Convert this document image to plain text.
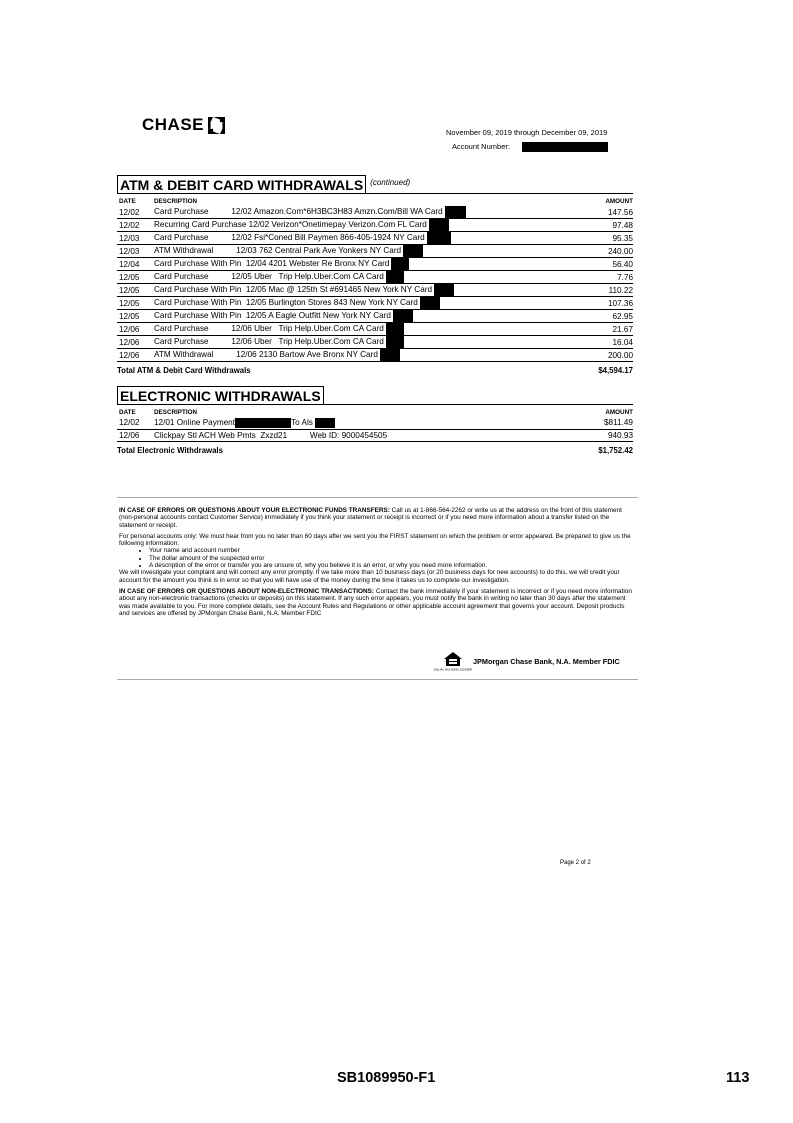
CHASE	November 09, 2019 through December 09, 2019
Account Number:
ATM & DEBIT CARD WITHDRAWALS (continued)
DATE	DESCRIPTION	AMOUNT
12/02	Card Purchase          12/02 Amazon.Com*6H3BC3H83 Amzn.Com/Bill WA Card	147.56
12/02	Recurring Card Purchase 12/02 Verizon*Onetimepay Verizon.Com FL Card	97.48
12/03	Card Purchase          12/02 Fsi*Coned Bill Paymen 866-405-1924 NY Card	95.35
12/03	ATM Withdrawal          12/03 762 Central Park Ave Yonkers NY Card	240.00
12/04	Card Purchase With Pin  12/04 4201 Webster Re Bronx NY Card	56.40
12/05	Card Purchase          12/05 Uber   Trip Help.Uber.Com CA Card	7.76
12/05	Card Purchase With Pin  12/05 Mac @ 125th St #691465 New York NY Card	110.22
12/05	Card Purchase With Pin  12/05 Burlington Stores 843 New York NY Card	107.36
12/05	Card Purchase With Pin  12/05 A Eagle Outfitt New York NY Card	62.95
12/06	Card Purchase          12/06 Uber   Trip Help.Uber.Com CA Card	21.67
12/06	Card Purchase          12/06 Uber   Trip Help.Uber.Com CA Card	16.04
12/06	ATM Withdrawal          12/06 2130 Bartow Ave Bronx NY Card	200.00
Total ATM & Debit Card Withdrawals	$4,594.17
ELECTRONIC WITHDRAWALS
DATE	DESCRIPTION	AMOUNT
12/02	12/01 Online Payment To Als	$811.49
12/06	Clickpay Stl ACH Web Pmts  Zxzd21          Web ID: 9000454505	940.93
Total Electronic Withdrawals	$1,752.42

IN CASE OF ERRORS OR QUESTIONS ABOUT YOUR ELECTRONIC FUNDS TRANSFERS: Call us at 1-866-564-2262 or write us at the address on the front of this statement (non-personal accounts contact Customer Service) immediately if you think your statement or receipt is incorrect or if you need more information about a transfer listed on the statement or receipt.

For personal accounts only: We must hear from you no later than 60 days after we sent you the FIRST statement on which the problem or error appeared. Be prepared to give us the following information:

• Your name and account number
• The dollar amount of the suspected error
• A description of the error or transfer you are unsure of, why you believe it is an error, or why you need more information.

We will investigate your complaint and will correct any error promptly. If we take more than 10 business days (or 20 business days for new accounts) to do this, we will credit your account for the amount you think is in error so that you will have use of the money during the time it takes us to complete our investigation.

IN CASE OF ERRORS OR QUESTIONS ABOUT NON-ELECTRONIC TRANSACTIONS: Contact the bank immediately if your statement is incorrect or if you need more information about any non-electronic transactions (checks or deposits) on this statement. If any such error appears, you must notify the bank in writing no later than 30 days after the statement was made available to you. For more complete details, see the Account Rules and Regulations or other applicable account agreement that governs your account. Deposit products and services are offered by JPMorgan Chase Bank, N.A. Member FDIC

EQUAL HOUSING LENDER
JPMorgan Chase Bank, N.A. Member FDIC
Page 2 of 2
SB1089950-F1	113
